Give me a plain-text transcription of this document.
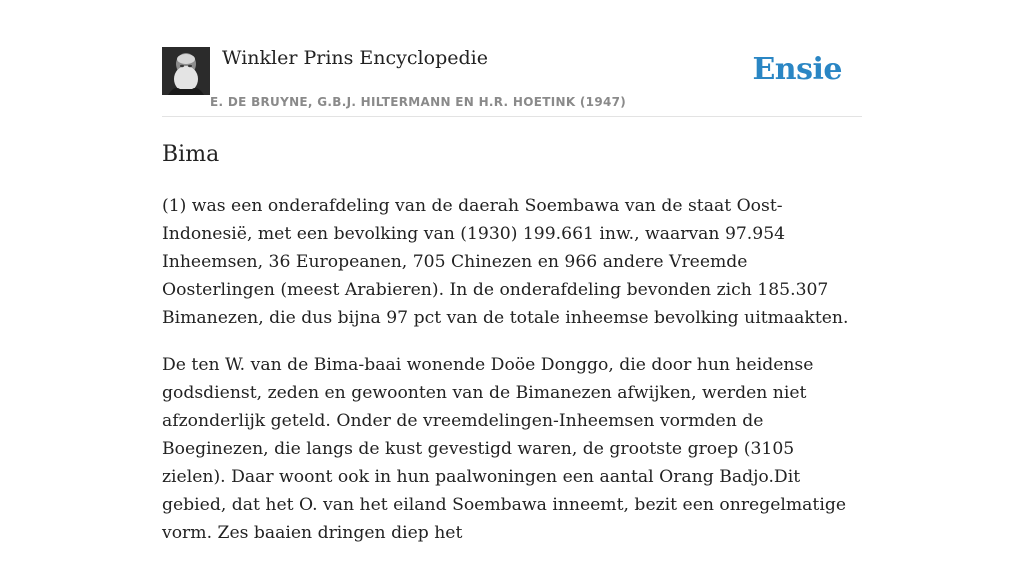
Winkler Prins Encyclopedie
E. DE BRUYNE, G.B.J. HILTERMANN EN H.R. HOETINK (1947)
Ensie
Bima

(1) was een onderafdeling van de daerah Soembawa van de staat Oost-Indonesië, met een bevolking van (1930) 199.661 inw., waarvan 97.954 Inheemsen, 36 Europeanen, 705 Chinezen en 966 andere Vreemde Oosterlingen (meest Arabieren). In de onderafdeling bevonden zich 185.307 Bimanezen, die dus bijna 97 pct van de totale inheemse bevolking uitmaakten.

De ten W. van de Bima-baai wonende Doöe Donggo, die door hun heidense godsdienst, zeden en gewoonten van de Bimanezen afwijken, werden niet afzonderlijk geteld. Onder de vreemdelingen-Inheemsen vormden de Boeginezen, die langs de kust gevestigd waren, de grootste groep (3105 zielen). Daar woont ook in hun paalwoningen een aantal Orang Badjo.Dit gebied, dat het O. van het eiland Soembawa inneemt, bezit een onregelmatige vorm. Zes baaien dringen diep het
